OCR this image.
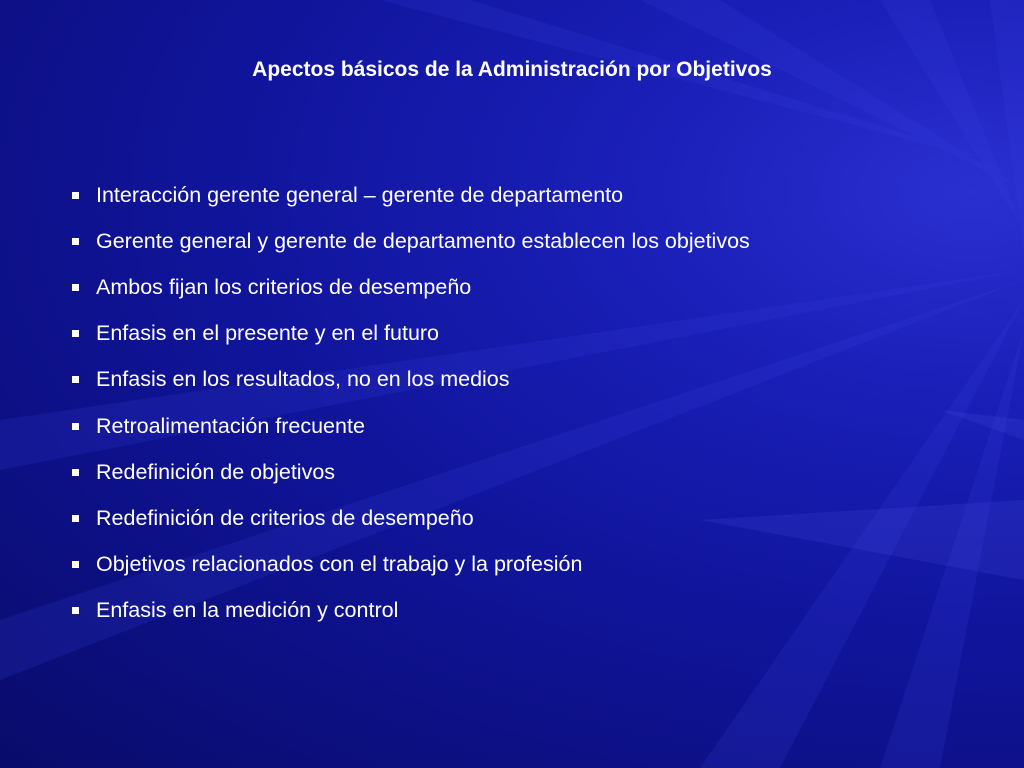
Apectos básicos de la Administración por Objetivos
Interacción gerente general – gerente de departamento
Gerente general y gerente de departamento establecen los objetivos
Ambos fijan los criterios de desempeño
Enfasis en el presente y en el futuro
Enfasis en los resultados, no en los medios
Retroalimentación frecuente
Redefinición de objetivos
Redefinición de criterios de desempeño
Objetivos relacionados con el trabajo y la profesión
Enfasis en la medición y control
